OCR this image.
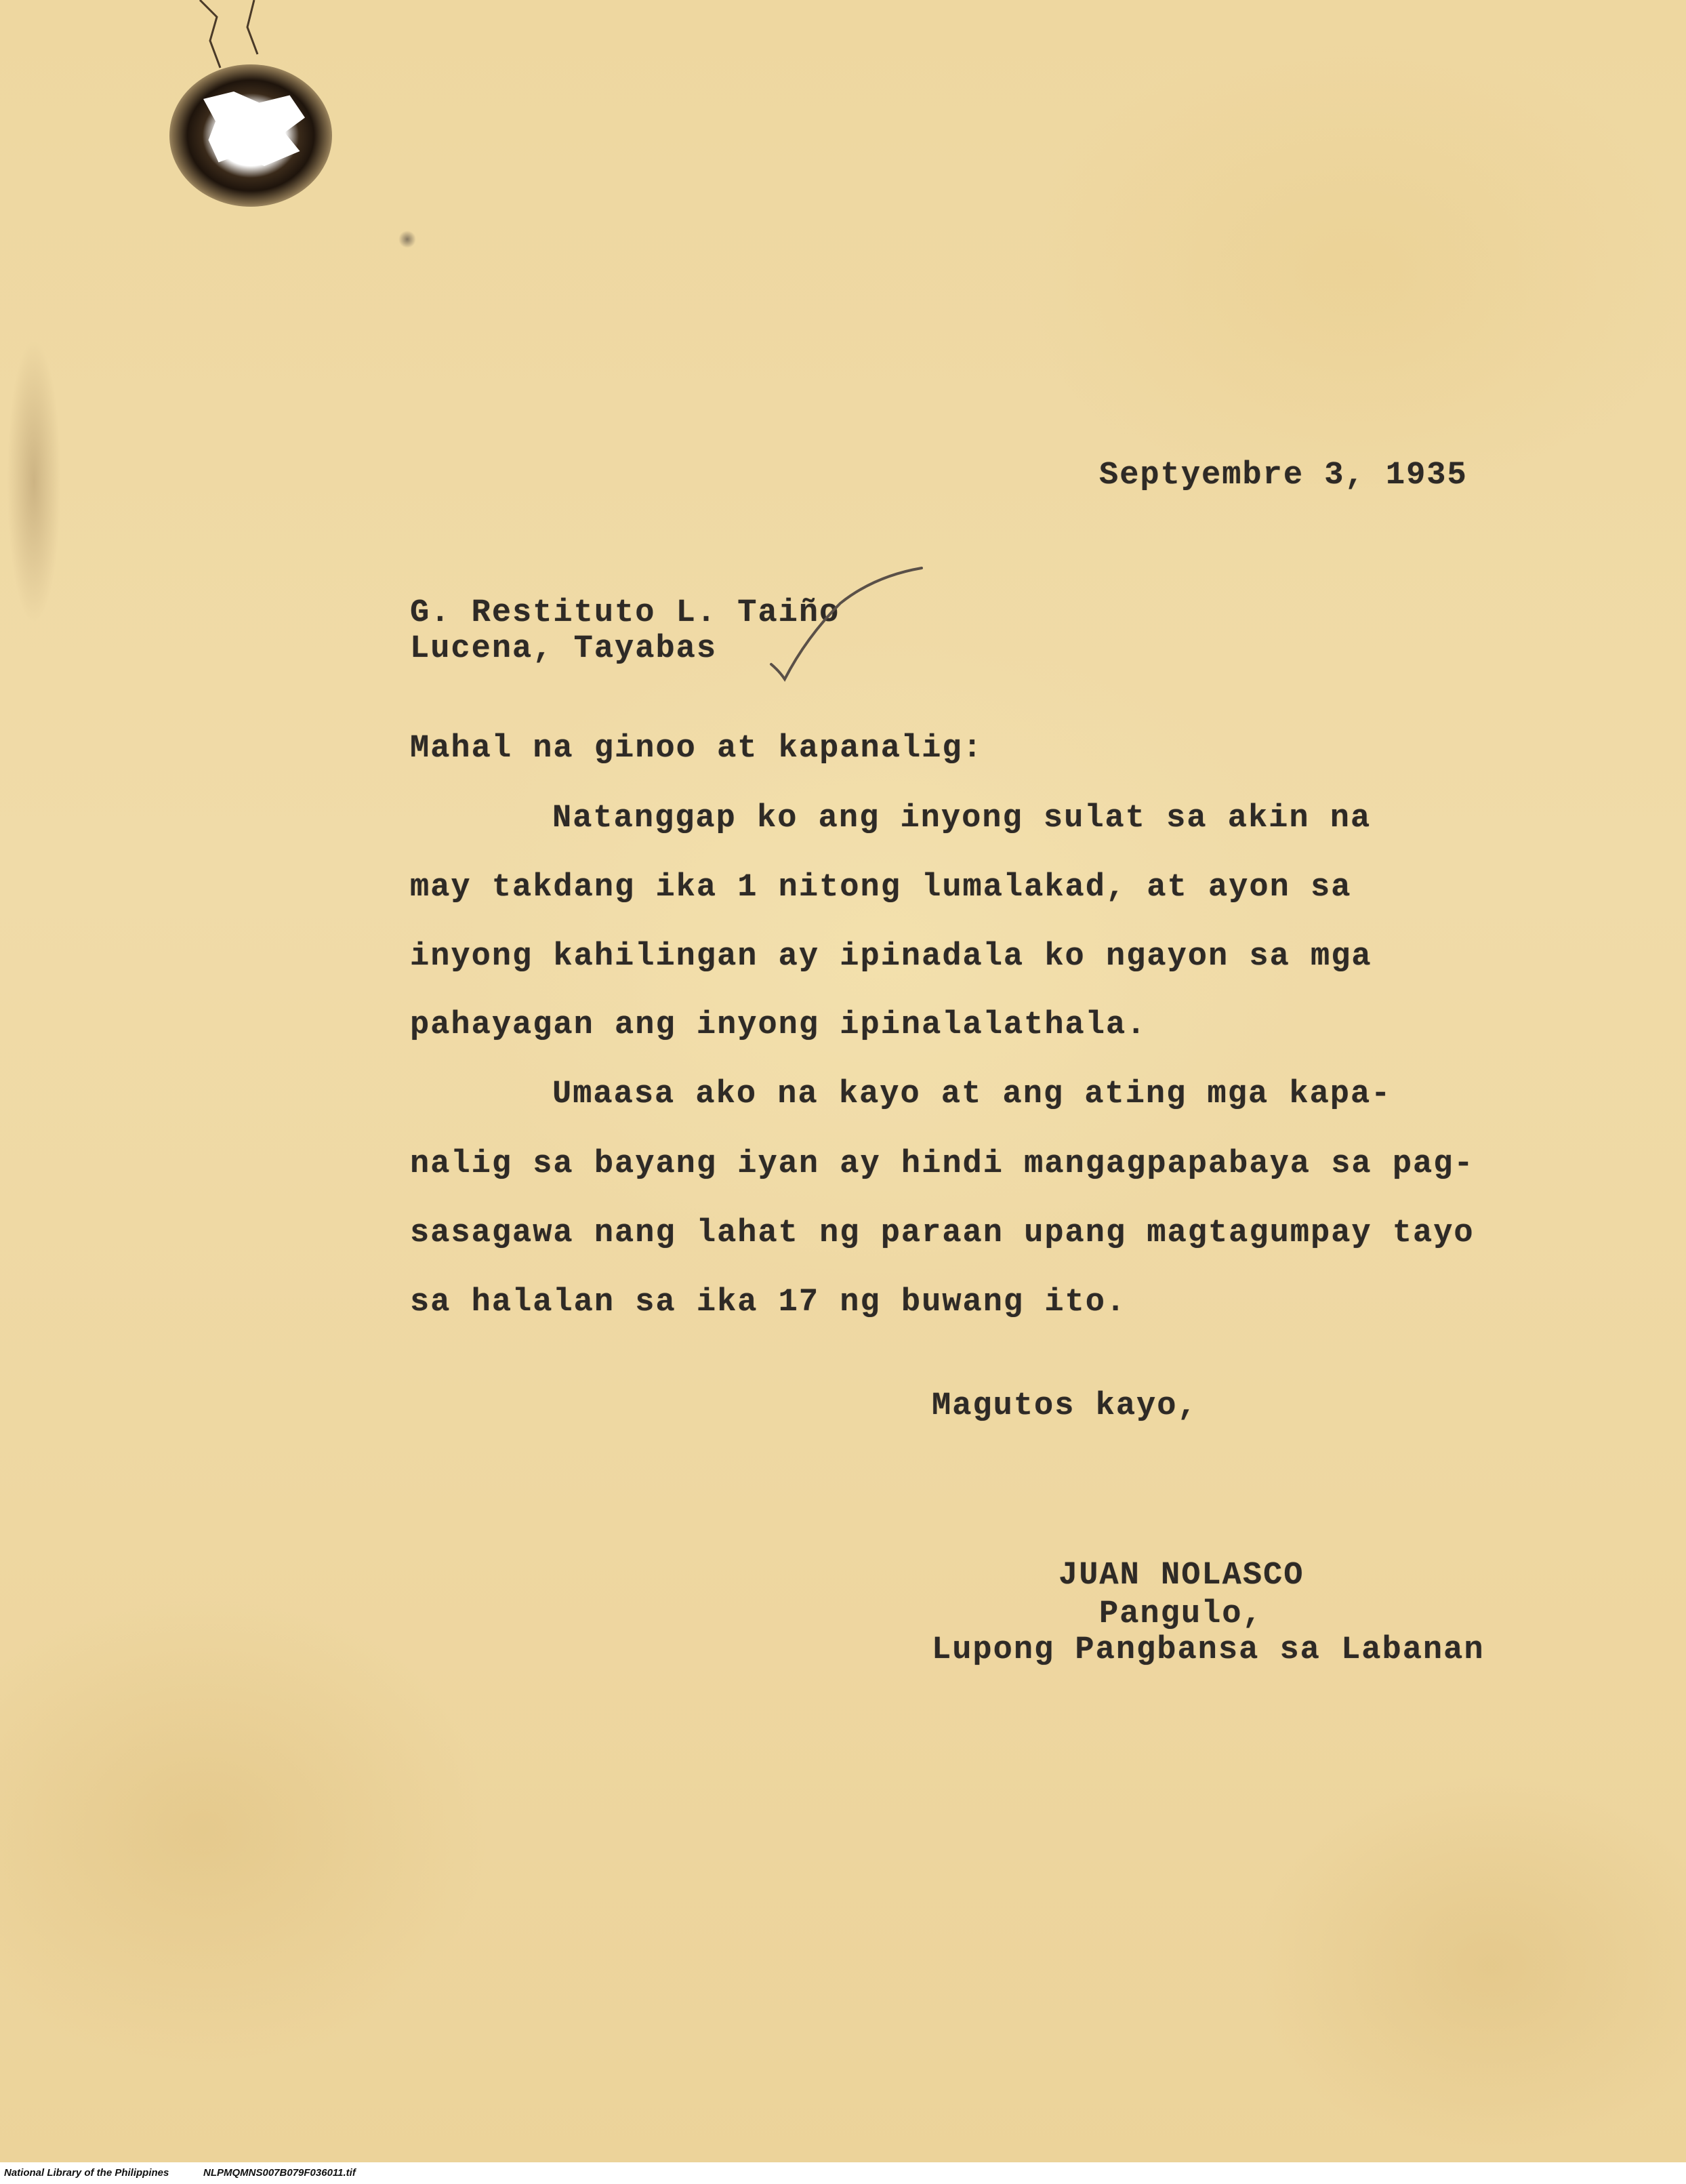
Septyembre 3, 1935
G. Restituto L. Taiño
Lucena, Tayabas
Mahal na ginoo at kapanalig:
Natanggap ko ang inyong sulat sa akin na
may takdang ika 1 nitong lumalakad, at ayon sa
inyong kahilingan ay ipinadala ko ngayon sa mga
pahayagan ang inyong ipinalalathala.
Umaasa ako na kayo at ang ating mga kapa-
nalig sa bayang iyan ay hindi mangagpapabaya sa pag-
sasagawa nang lahat ng paraan upang magtagumpay tayo
sa halalan sa ika 17 ng buwang ito.
Magutos kayo,
JUAN NOLASCO
Pangulo,
Lupong Pangbansa sa Labanan
National Library of the Philippines	NLPMQMNS007B079F036011.tif
